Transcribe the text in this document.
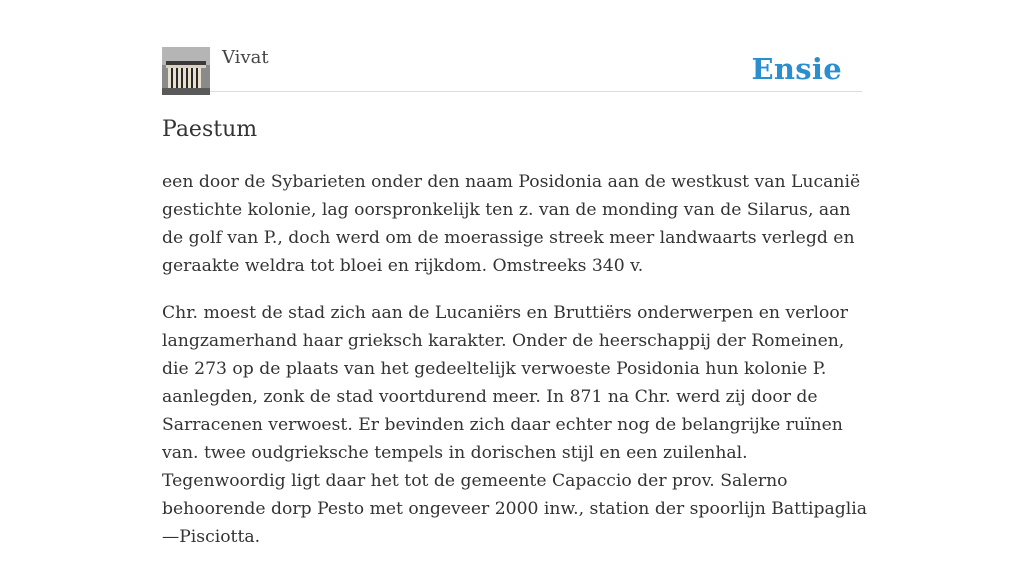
Vivat	Ensie
Paestum

een door de Sybarieten onder den naam Posidonia aan de westkust van Lucanië gestichte kolonie, lag oorspronkelijk ten z. van de monding van de Silarus, aan de golf van P., doch werd om de moerassige streek meer landwaarts verlegd en geraakte weldra tot bloei en rijkdom. Omstreeks 340 v.

Chr. moest de stad zich aan de Lucaniërs en Bruttiërs onderwerpen en verloor langzamerhand haar grieksch karakter. Onder de heerschappij der Romeinen, die 273 op de plaats van het gedeeltelijk verwoeste Posidonia hun kolonie P. aanlegden, zonk de stad voortdurend meer. In 871 na Chr. werd zij door de Sarracenen verwoest. Er bevinden zich daar echter nog de belangrijke ruïnen van. twee oudgrieksche tempels in dorischen stijl en een zuilenhal. Tegenwoordig ligt daar het tot de gemeente Capaccio der prov. Salerno behoorende dorp Pesto met ongeveer 2000 inw., station der spoorlijn Battipaglia—Pisciotta.
